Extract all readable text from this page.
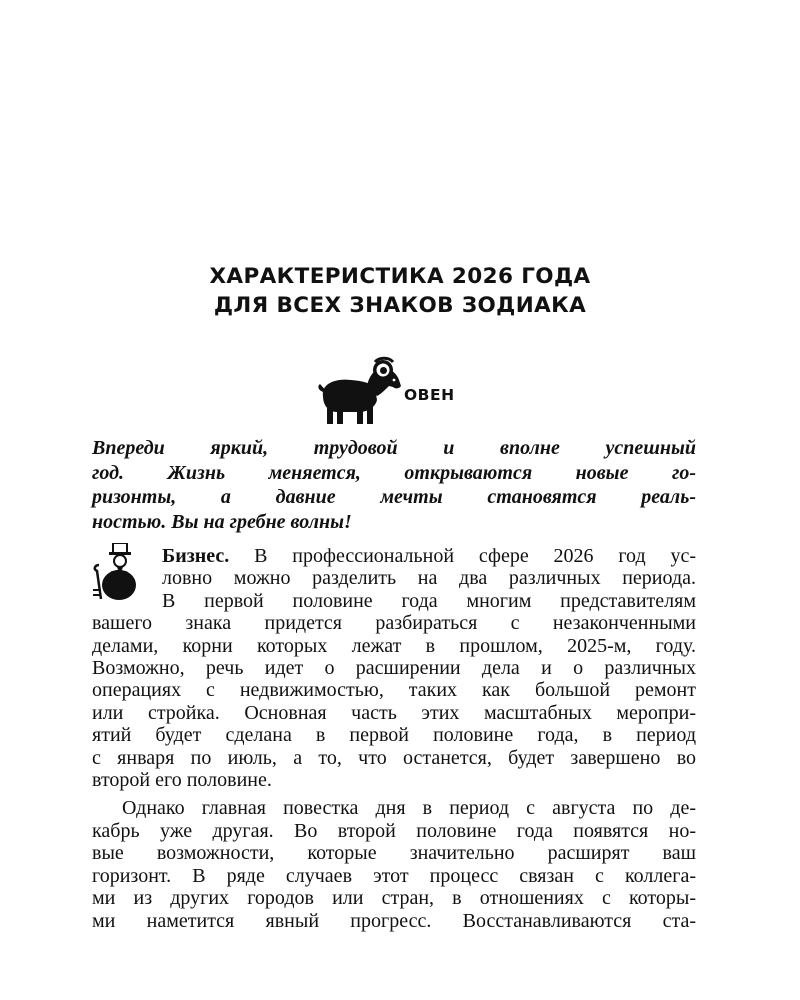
ХАРАКТЕРИСТИКА 2026 ГОДА
ДЛЯ ВСЕХ ЗНАКОВ ЗОДИАКА
ОВЕН
Впереди яркий, трудовой и вполне успешный
год. Жизнь меняется, открываются новые го-
ризонты, а давние мечты становятся реаль-
ностью. Вы на гребне волны!
Бизнес. В профессиональной сфере 2026 год ус-
ловно можно разделить на два различных периода.
В первой половине года многим представителям
вашего знака придется разбираться с незаконченными
делами, корни которых лежат в прошлом, 2025-м, году.
Возможно, речь идет о расширении дела и о различных
операциях с недвижимостью, таких как большой ремонт
или стройка. Основная часть этих масштабных меропри-
ятий будет сделана в первой половине года, в период
с января по июль, а то, что останется, будет завершено во
второй его половине.
Однако главная повестка дня в период с августа по де-
кабрь уже другая. Во второй половине года появятся но-
вые возможности, которые значительно расширят ваш
горизонт. В ряде случаев этот процесс связан с коллега-
ми из других городов или стран, в отношениях с которы-
ми наметится явный прогресс. Восстанавливаются ста-
